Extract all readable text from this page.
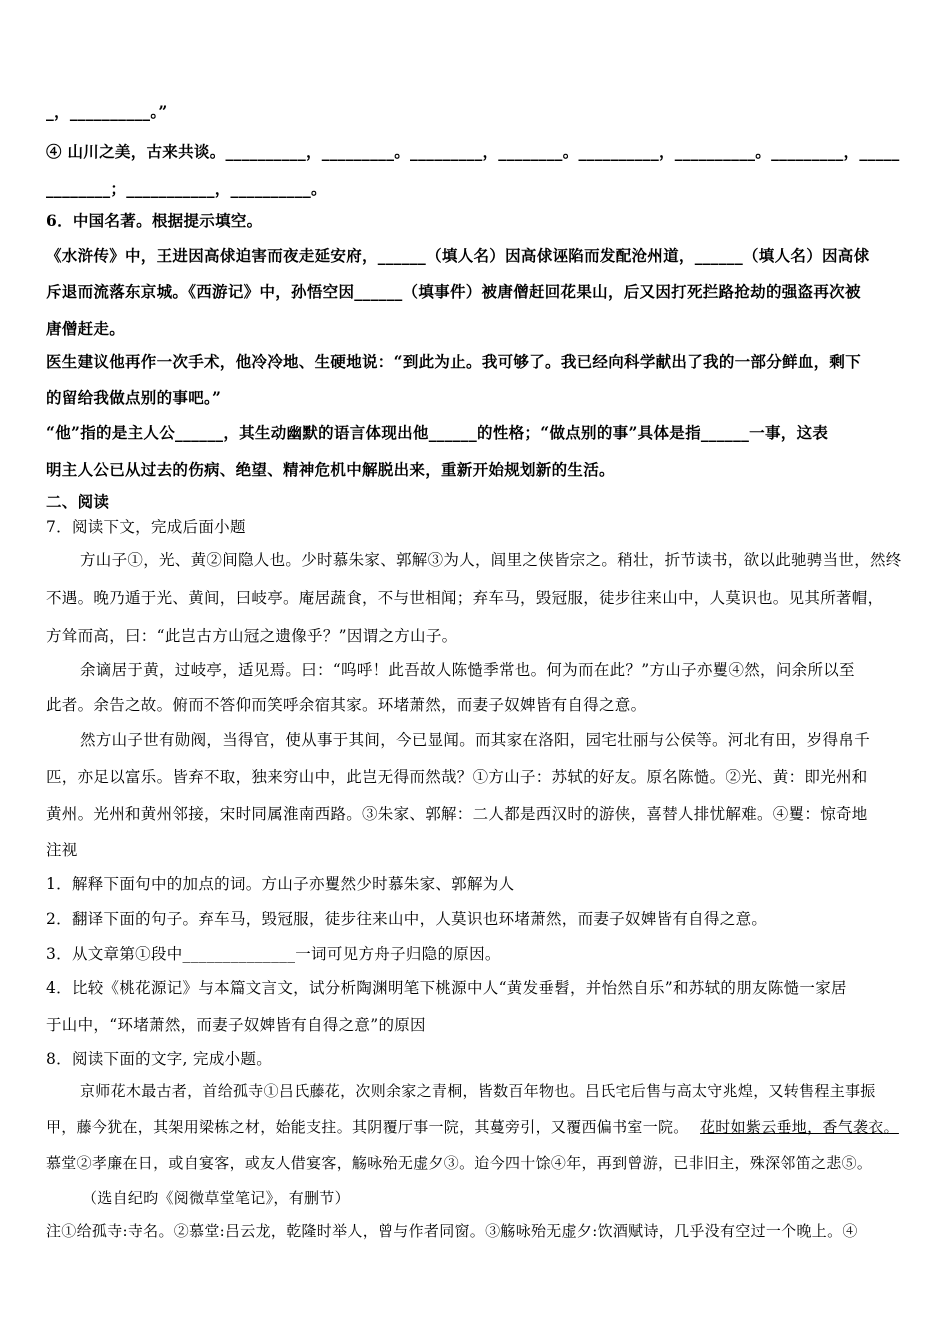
_，__________。”
④ 山川之美，古来共谈。__________，_________。_________，________。__________，__________。_________，_____
________；___________，__________。
6．中国名著。根据提示填空。
《水浒传》中，王进因高俅迫害而夜走延安府，______（填人名）因高俅诬陷而发配沧州道，______（填人名）因高俅
斥退而流落东京城。《西游记》中，孙悟空因______（填事件）被唐僧赶回花果山，后又因打死拦路抢劫的强盗再次被
唐僧赶走。
医生建议他再作一次手术，他冷冷地、生硬地说：“到此为止。我可够了。我已经向科学献出了我的一部分鲜血，剩下
的留给我做点别的事吧。”
“他”指的是主人公______，其生动幽默的语言体现出他______的性格；“做点别的事”具体是指______一事，这表
明主人公已从过去的伤病、绝望、精神危机中解脱出来，重新开始规划新的生活。
二、阅读
7．阅读下文，完成后面小题
方山子①，光、黄②间隐人也。少时慕朱家、郭解③为人，闾里之侠皆宗之。稍壮，折节读书，欲以此驰骋当世，然终
不遇。晚乃遁于光、黄间，曰岐亭。庵居蔬食，不与世相闻；弃车马，毁冠服，徒步往来山中，人莫识也。见其所著帽，
方耸而高，曰：“此岂古方山冠之遗像乎？”因谓之方山子。
余谪居于黄，过岐亭，适见焉。曰：“呜呼！此吾故人陈慥季常也。何为而在此？”方山子亦矍④然，问余所以至
此者。余告之故。俯而不答仰而笑呼余宿其家。环堵萧然，而妻子奴婢皆有自得之意。
然方山子世有勋阀，当得官，使从事于其间，今已显闻。而其家在洛阳，园宅壮丽与公侯等。河北有田，岁得帛千
匹，亦足以富乐。皆弃不取，独来穷山中，此岂无得而然哉？①方山子：苏轼的好友。原名陈慥。②光、黄：即光州和
黄州。光州和黄州邻接，宋时同属淮南西路。③朱家、郭解：二人都是西汉时的游侠，喜替人排忧解难。④矍：惊奇地
注视
1．解释下面句中的加点的词。方山子亦矍然少时慕朱家、郭解为人
2．翻译下面的句子。弃车马，毁冠服，徒步往来山中，人莫识也环堵萧然，而妻子奴婢皆有自得之意。
3．从文章第①段中______________一词可见方舟子归隐的原因。
4．比较《桃花源记》与本篇文言文，试分析陶渊明笔下桃源中人“黄发垂髫，并怡然自乐”和苏轼的朋友陈慥一家居
于山中，“环堵萧然，而妻子奴婢皆有自得之意”的原因
8．阅读下面的文字, 完成小题。
京师花木最古者，首给孤寺①吕氏藤花，次则余家之青桐，皆数百年物也。吕氏宅后售与高太守兆煌，又转售程主事振
甲，藤今犹在，其架用梁栋之材，始能支拄。其阴覆厅事一院，其蔓旁引，又覆西偏书室一院。 花时如紫云垂地，香气袭衣。
慕堂②孝廉在日，或自宴客，或友人借宴客，觞咏殆无虚夕③。迨今四十馀④年，再到曾游，已非旧主，殊深邻笛之悲⑤。
（选自纪昀《阅微草堂笔记》，有删节）
注①给孤寺:寺名。②慕堂:吕云龙，乾隆时举人，曾与作者同窗。③觞咏殆无虚夕:饮酒赋诗，几乎没有空过一个晚上。④
